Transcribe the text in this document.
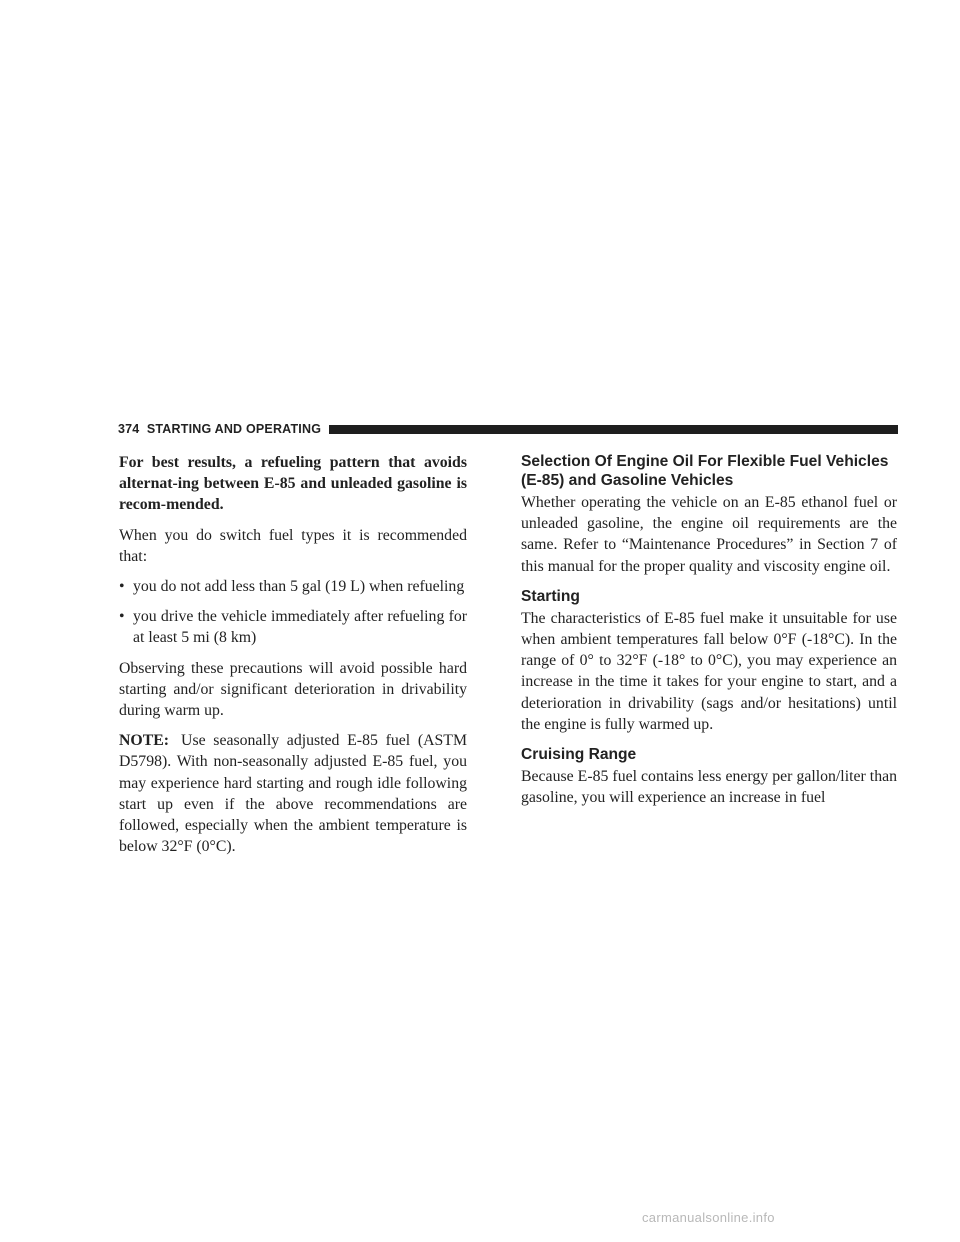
374 STARTING AND OPERATING

For best results, a refueling pattern that avoids alternat-ing between E-85 and unleaded gasoline is recom-mended.

When you do switch fuel types it is recommended that:

• you do not add less than 5 gal (19 L) when refueling
• you drive the vehicle immediately after refueling for at least 5 mi (8 km)

Observing these precautions will avoid possible hard starting and/or significant deterioration in drivability during warm up.

NOTE: Use seasonally adjusted E-85 fuel (ASTM D5798). With non-seasonally adjusted E-85 fuel, you may experience hard starting and rough idle following start up even if the above recommendations are followed, especially when the ambient temperature is below 32°F (0°C).

Selection Of Engine Oil For Flexible Fuel Vehicles (E-85) and Gasoline Vehicles

Whether operating the vehicle on an E-85 ethanol fuel or unleaded gasoline, the engine oil requirements are the same. Refer to “Maintenance Procedures” in Section 7 of this manual for the proper quality and viscosity engine oil.

Starting

The characteristics of E-85 fuel make it unsuitable for use when ambient temperatures fall below 0°F (-18°C). In the range of 0° to 32°F (-18° to 0°C), you may experience an increase in the time it takes for your engine to start, and a deterioration in drivability (sags and/or hesitations) until the engine is fully warmed up.

Cruising Range

Because E-85 fuel contains less energy per gallon/liter than gasoline, you will experience an increase in fuel

carmanualsonline.info
